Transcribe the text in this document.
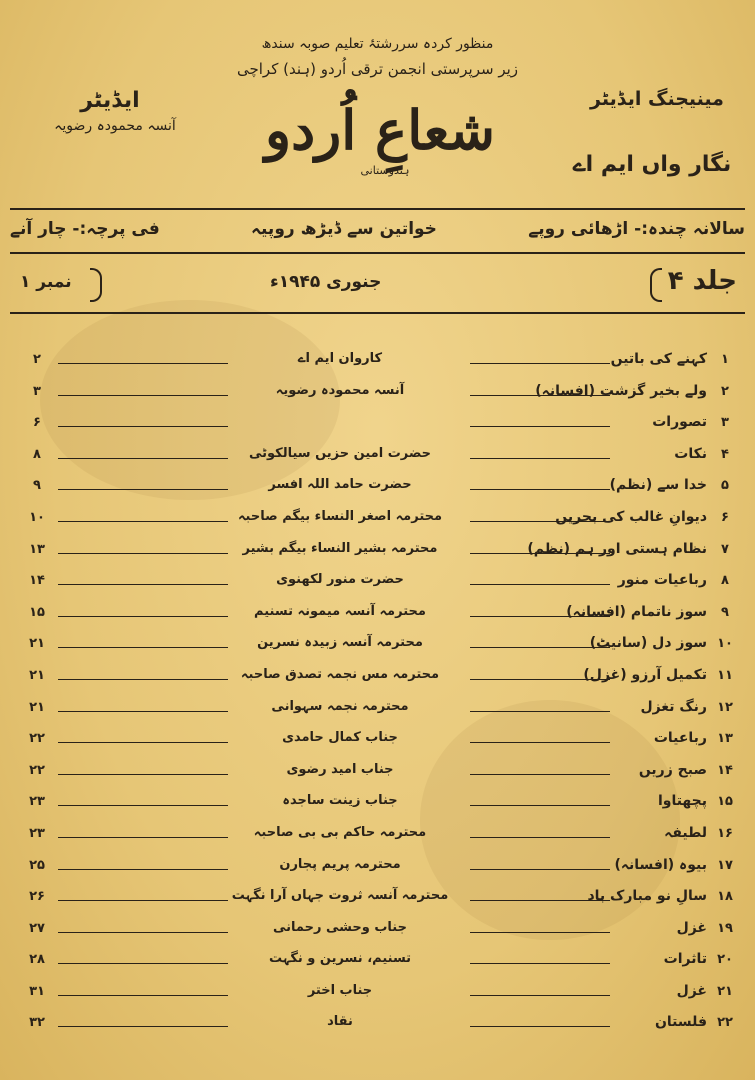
منظور کردہ سررشتۂ تعلیم صوبہ سندھ
زیر سرپرستی انجمن ترقی اُردو (ہند) کراچی
مینیجنگ ایڈیٹر
نگار واں ایم اے
ایڈیٹر
آنسہ محمودہ رضویہ	شعاعِ اُردو
ہندوستانی
سالانہ چندہ:- اڑھائی روپے
خواتین سے ڈیڑھ روپیہ
فی پرچہ:- چار آنے
جلد ۴
جنوری ۱۹۴۵ء
نمبر ۱
۱
کہنے کی باتیں
کاروان ایم اے
۲
۲
ولے بخیر گزشت (افسانہ)
آنسہ محمودہ رضویہ
۳
۳
تصورات
۶
۴
نکات
حضرت امین حزیں سیالکوٹی
۸
۵
خدا سے (نظم)
حضرت حامد اللہ افسر
۹
۶
دیوانِ غالب کی بحریں
محترمہ اصغر النساء بیگم صاحبہ
۱۰
۷
نظام ہستی اور ہم (نظم)
محترمہ بشیر النساء بیگم بشیر
۱۳
۸
رباعیات منور
حضرت منور لکھنوی
۱۴
۹
سوز ناتمام (افسانہ)
محترمہ آنسہ میمونہ تسنیم
۱۵
۱۰
سوز دل (سانیٹ)
محترمہ آنسہ زبیدہ نسرین
۲۱
۱۱
تکمیل آرزو (غزل)
محترمہ مس نجمہ تصدق صاحبہ
۲۱
۱۲
رنگ تغزل
محترمہ نجمہ سہوانی
۲۱
۱۳
رباعیات
جناب کمال حامدی
۲۲
۱۴
صبح زریں
جناب امید رضوی
۲۲
۱۵
پچھتاوا
جناب زینت ساجدہ
۲۳
۱۶
لطیفہ
محترمہ حاکم بی بی صاحبہ
۲۳
۱۷
بیوہ (افسانہ)
محترمہ پریم پجارن
۲۵
۱۸
سالِ نو مبارک باد
محترمہ آنسہ ثروت جہاں آرا نگہت
۲۶
۱۹
غزل
جناب وحشی رحمانی
۲۷
۲۰
تاثرات
تسنیم، نسرین و نگہت
۲۸
۲۱
غزل
جناب اختر
۳۱
۲۲
فلستان
نقاد
۳۲
